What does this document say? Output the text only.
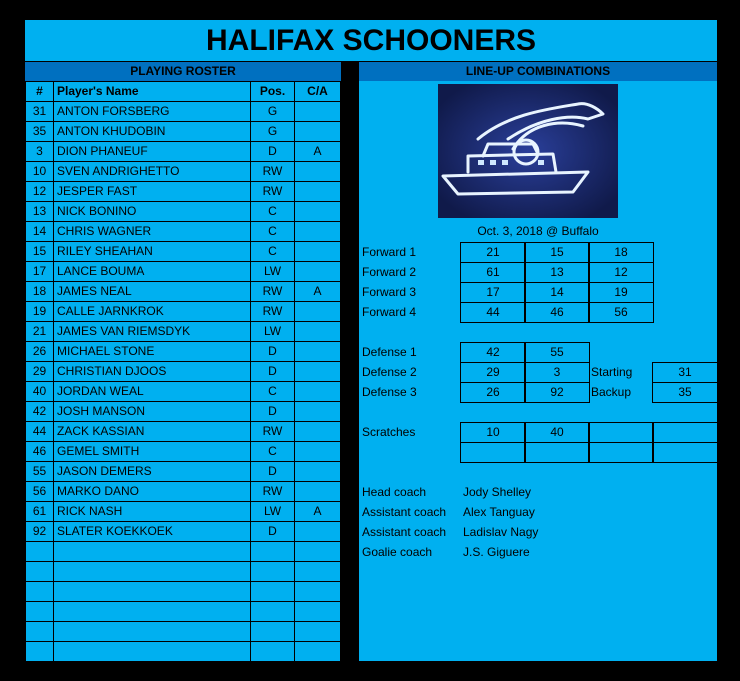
HALIFAX SCHOONERS
PLAYING ROSTER	LINE-UP COMBINATIONS
#	Player's Name	Pos.	C/A
31	ANTON FORSBERG	G	
35	ANTON KHUDOBIN	G	
3	DION PHANEUF	D	A
10	SVEN ANDRIGHETTO	RW	
12	JESPER FAST	RW	
13	NICK BONINO	C	
14	CHRIS WAGNER	C	
15	RILEY SHEAHAN	C	
17	LANCE BOUMA	LW	
18	JAMES NEAL	RW	A
19	CALLE JARNKROK	RW	
21	JAMES VAN RIEMSDYK	LW	
26	MICHAEL STONE	D	
29	CHRISTIAN DJOOS	D	
40	JORDAN WEAL	C	
42	JOSH MANSON	D	
44	ZACK KASSIAN	RW	
46	GEMEL SMITH	C	
55	JASON DEMERS	D	
56	MARKO DANO	RW	
61	RICK NASH	LW	A
92	SLATER KOEKKOEK	D	

Oct. 3, 2018 @ Buffalo
Forward 1	21	15	18
Forward 2	61	13	12
Forward 3	17	14	19
Forward 4	44	46	56
Defense 1	42	55
Defense 2	29	3
Defense 3	26	92
Starting	31
Backup	35
Scratches	10	40
Head coach	Jody Shelley
Assistant coach Alex Tanguay
Assistant coach Ladislav Nagy
Goalie coach	J.S. Giguere
